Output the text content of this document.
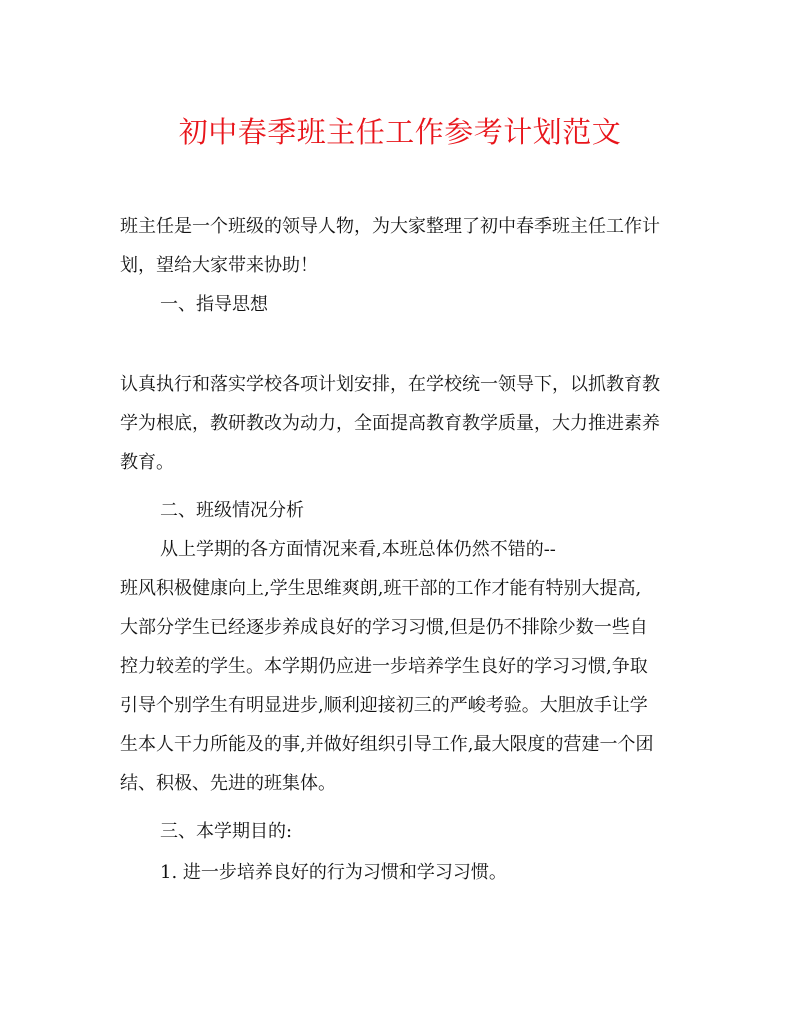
初中春季班主任工作参考计划范文
班主任是一个班级的领导人物，为大家整理了初中春季班主任工作计
划，望给大家带来协助！
一、指导思想
认真执行和落实学校各项计划安排，在学校统一领导下，以抓教育教
学为根底，教研教改为动力，全面提高教育教学质量，大力推进素养
教育。
二、班级情况分析
从上学期的各方面情况来看,本班总体仍然不错的--
班风积极健康向上,学生思维爽朗,班干部的工作才能有特别大提高,
大部分学生已经逐步养成良好的学习习惯,但是仍不排除少数一些自
控力较差的学生。本学期仍应进一步培养学生良好的学习习惯,争取
引导个别学生有明显进步,顺利迎接初三的严峻考验。大胆放手让学
生本人干力所能及的事,并做好组织引导工作,最大限度的营建一个团
结、积极、先进的班集体。
三、本学期目的:
1. 进一步培养良好的行为习惯和学习习惯。
